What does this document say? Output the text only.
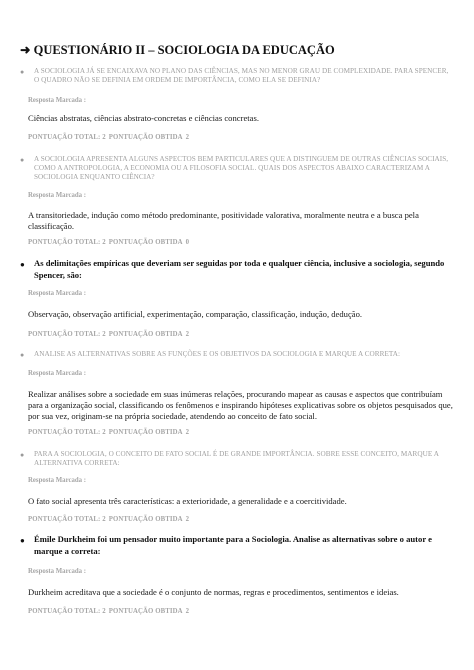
➜ QUESTIONÁRIO II – SOCIOLOGIA DA EDUCAÇÃO
●	A SOCIOLOGIA JÁ SE ENCAIXAVA NO PLANO DAS CIÊNCIAS, MAS NO MENOR GRAU DE COMPLEXIDADE. PARA SPENCER, O QUADRO NÃO SE DEFINIA EM ORDEM DE IMPORTÂNCIA, COMO ELA SE DEFINIA?
Resposta Marcada :
Ciências abstratas, ciências abstrato-concretas e ciências concretas.
PONTUAÇÃO TOTAL: 2 PONTUAÇÃO OBTIDA 2
●	A SOCIOLOGIA APRESENTA ALGUNS ASPECTOS BEM PARTICULARES QUE A DISTINGUEM DE OUTRAS CIÊNCIAS SOCIAIS, COMO A ANTROPOLOGIA, A ECONOMIA OU A FILOSOFIA SOCIAL. QUAIS DOS ASPECTOS ABAIXO CARACTERIZAM A SOCIOLOGIA ENQUANTO CIÊNCIA?
Resposta Marcada :
A transitoriedade, indução como método predominante, positividade valorativa, moralmente neutra e a busca pela classificação.
PONTUAÇÃO TOTAL: 2 PONTUAÇÃO OBTIDA 0
● As delimitações empíricas que deveriam ser seguidas por toda e qualquer ciência, inclusive a sociologia, segundo Spencer, são:
Resposta Marcada :
Observação, observação artificial, experimentação, comparação, classificação, indução, dedução.
PONTUAÇÃO TOTAL: 2 PONTUAÇÃO OBTIDA 2
●	ANALISE AS ALTERNATIVAS SOBRE AS FUNÇÕES E OS OBJETIVOS DA SOCIOLOGIA E MARQUE A CORRETA:
Resposta Marcada :
Realizar análises sobre a sociedade em suas inúmeras relações, procurando mapear as causas e aspectos que contribuíam para a organização social, classificando os fenômenos e inspirando hipóteses explicativas sobre os objetos pesquisados que, por sua vez, originam-se na própria sociedade, atendendo ao conceito de fato social.
PONTUAÇÃO TOTAL: 2 PONTUAÇÃO OBTIDA 2
●	PARA A SOCIOLOGIA, O CONCEITO DE FATO SOCIAL É DE GRANDE IMPORTÂNCIA. SOBRE ESSE CONCEITO, MARQUE A ALTERNATIVA CORRETA:
Resposta Marcada :
O fato social apresenta três características: a exterioridade, a generalidade e a coercitividade.
PONTUAÇÃO TOTAL: 2 PONTUAÇÃO OBTIDA 2
● Émile Durkheim foi um pensador muito importante para a Sociologia. Analise as alternativas sobre o autor e marque a correta:
Resposta Marcada :
Durkheim acreditava que a sociedade é o conjunto de normas, regras e procedimentos, sentimentos e ideias.
PONTUAÇÃO TOTAL: 2 PONTUAÇÃO OBTIDA 2
